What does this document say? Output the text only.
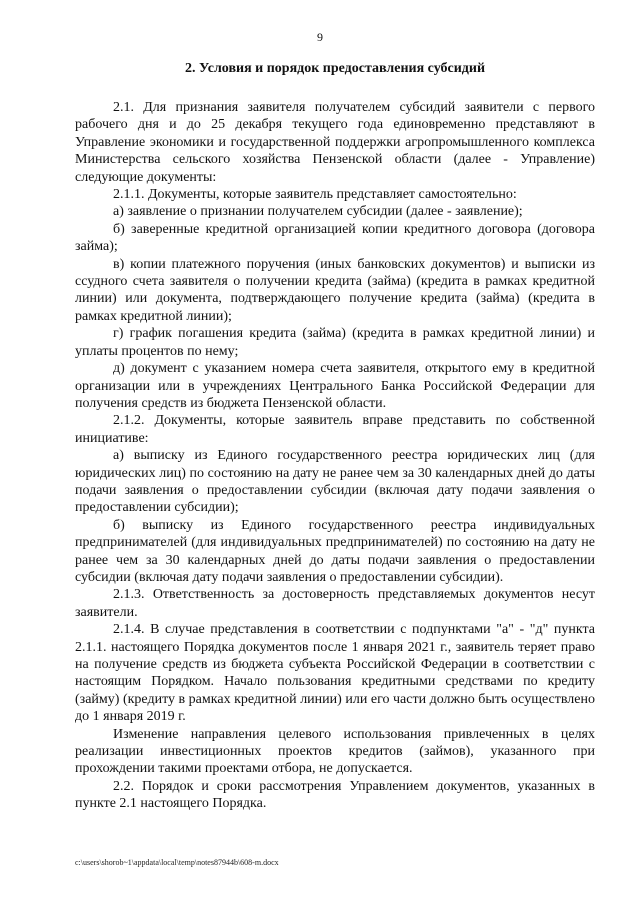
9

2. Условия и порядок предоставления субсидий

2.1. Для признания заявителя получателем субсидий заявители с первого рабочего дня и до 25 декабря текущего года единовременно представляют в Управление экономики и государственной поддержки агропромышленного комплекса Министерства сельского хозяйства Пензенской области (далее - Управление) следующие документы:

2.1.1. Документы, которые заявитель представляет самостоятельно:

а) заявление о признании получателем субсидии (далее - заявление);

б) заверенные кредитной организацией копии кредитного договора (договора займа);

в) копии платежного поручения (иных банковских документов) и выписки из ссудного счета заявителя о получении кредита (займа) (кредита в рамках кредитной линии) или документа, подтверждающего получение кредита (займа) (кредита в рамках кредитной линии);

г) график погашения кредита (займа) (кредита в рамках кредитной линии) и уплаты процентов по нему;

д) документ с указанием номера счета заявителя, открытого ему в кредитной организации или в учреждениях Центрального Банка Российской Федерации для получения средств из бюджета Пензенской области.

2.1.2. Документы, которые заявитель вправе представить по собственной инициативе:

а) выписку из Единого государственного реестра юридических лиц (для юридических лиц) по состоянию на дату не ранее чем за 30 календарных дней до даты подачи заявления о предоставлении субсидии (включая дату подачи заявления о предоставлении субсидии);

б) выписку из Единого государственного реестра индивидуальных предпринимателей (для индивидуальных предпринимателей) по состоянию на дату не ранее чем за 30 календарных дней до даты подачи заявления о предоставлении субсидии (включая дату подачи заявления о предоставлении субсидии).

2.1.3. Ответственность за достоверность представляемых документов несут заявители.

2.1.4. В случае представления в соответствии с подпунктами "а" - "д" пункта 2.1.1. настоящего Порядка документов после 1 января 2021 г., заявитель теряет право на получение средств из бюджета субъекта Российской Федерации в соответствии с настоящим Порядком. Начало пользования кредитными средствами по кредиту (займу) (кредиту в рамках кредитной линии) или его части должно быть осуществлено до 1 января 2019 г.

Изменение направления целевого использования привлеченных в целях реализации инвестиционных проектов кредитов (займов), указанного при прохождении такими проектами отбора, не допускается.

2.2. Порядок и сроки рассмотрения Управлением документов, указанных в пункте 2.1 настоящего Порядка.

c:\users\shorob~1\appdata\local\temp\notes87944b\608-m.docx
